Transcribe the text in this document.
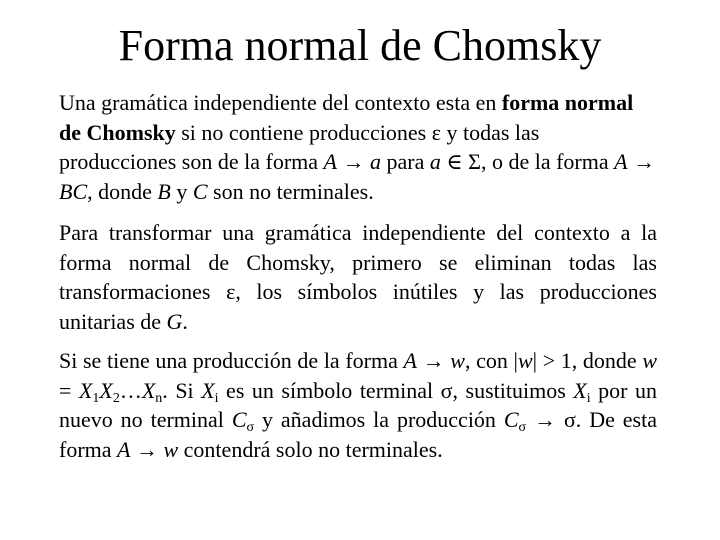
Forma normal de Chomsky

Una gramática independiente del contexto esta en forma normal de Chomsky si no contiene producciones ε y todas las producciones son de la forma A → a para a ∈ Σ, o de la forma A → BC, donde B y C son no terminales.

Para transformar una gramática independiente del contexto a la forma normal de Chomsky, primero se eliminan todas las transformaciones ε, los símbolos inútiles y las producciones unitarias de G.

Si se tiene una producción de la forma A → w, con |w| > 1, donde $w = X_1X_2\dots X_n$. Si $X_i$ es un símbolo terminal σ, sustituimos $X_i$ por un nuevo no terminal $C_\sigma$ y añadimos la producción $C_\sigma \to \sigma$. De esta forma A → w contendrá solo no terminales.
